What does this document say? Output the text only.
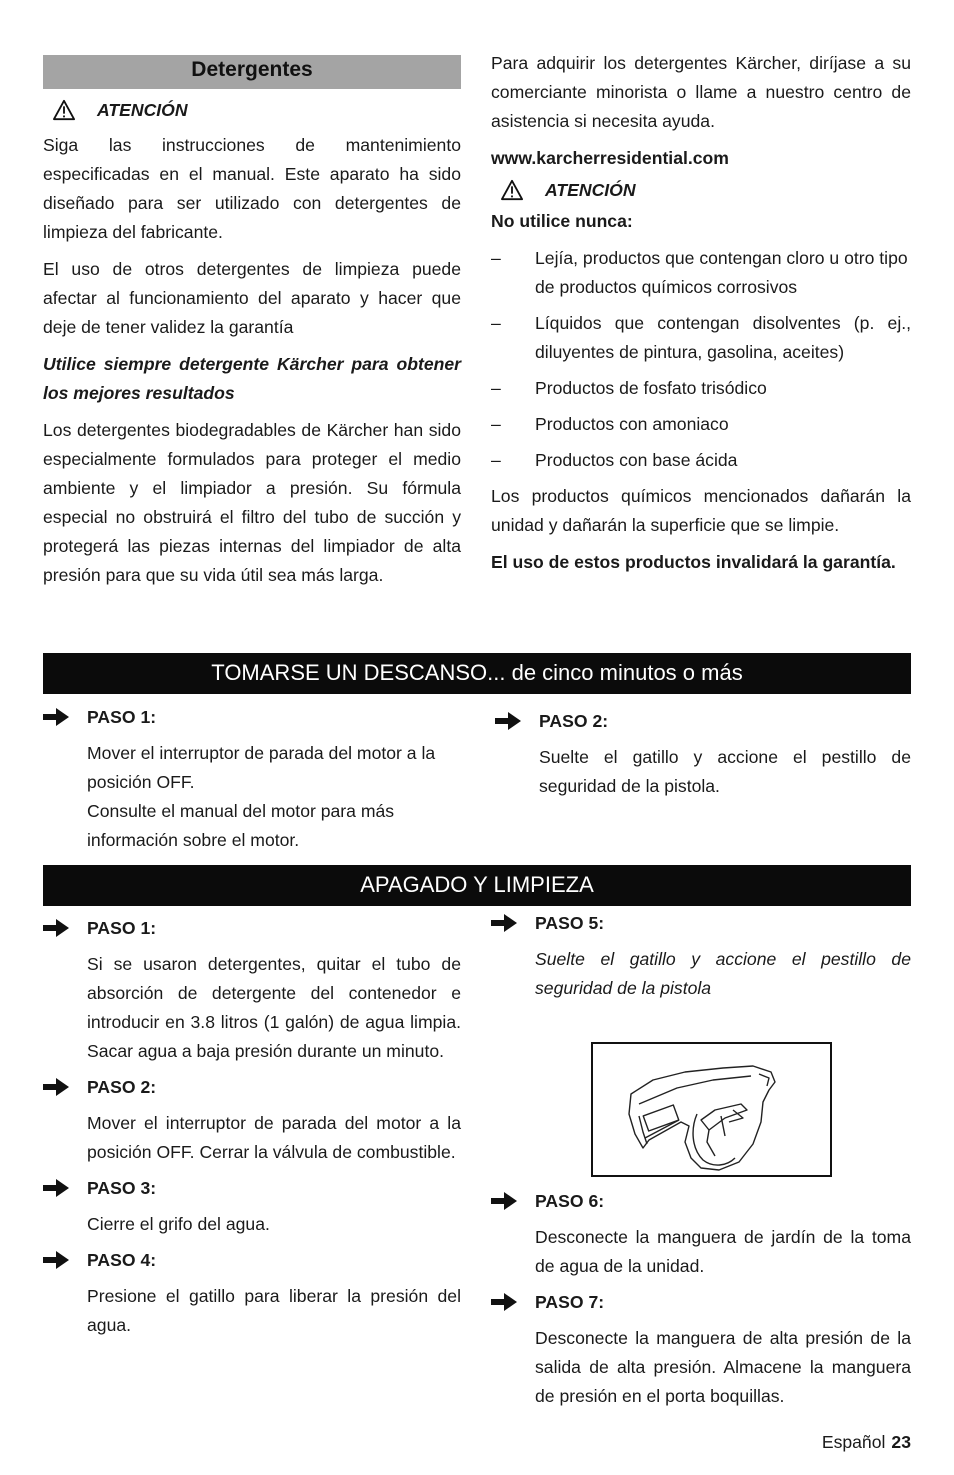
Detergentes
ATENCIÓN

Siga las instrucciones de mantenimiento especificadas en el manual. Este aparato ha sido diseñado para ser utilizado con detergentes de limpieza del fabricante.

El uso de otros detergentes de limpieza puede afectar al funcionamiento del aparato y hacer que deje de tener validez la garantía

Utilice siempre detergente Kärcher para obtener los mejores resultados

Los detergentes biodegradables de Kärcher han sido especialmente formulados para proteger el medio ambiente y el limpiador a presión. Su fórmula especial no obstruirá el filtro del tubo de succión y protegerá las piezas internas del limpiador de alta presión para que su vida útil sea más larga.

Para adquirir los detergentes Kärcher, diríjase a su comerciante minorista o llame a nuestro centro de asistencia si necesita ayuda.

www.karcherresidential.com

ATENCIÓN

No utilice nunca:

–	Lejía, productos que contengan cloro u otro tipo de productos químicos corrosivos
–	Líquidos que contengan disolventes (p. ej., diluyentes de pintura, gasolina, aceites)
–	Productos de fosfato trisódico
–	Productos con amoniaco
–	Productos con base ácida

Los productos químicos mencionados dañarán la unidad y dañarán la superficie que se limpie.

El uso de estos productos invalidará la garantía.

TOMARSE UN DESCANSO... de cinco minutos o más
PASO 1:
Mover el interruptor de parada del motor a la posición OFF.
Consulte el manual del motor para más información sobre el motor.
PASO 2:
Suelte el gatillo y accione el pestillo de seguridad de la pistola.
APAGADO Y LIMPIEZA
PASO 1:
Si se usaron detergentes, quitar el tubo de absorción de detergente del contenedor e introducir en 3.8 litros (1 galón) de agua limpia. Sacar agua a baja presión durante un minuto.
PASO 2:
Mover el interruptor de parada del motor a la posición OFF. Cerrar la válvula de combustible.
PASO 3:
Cierre el grifo del agua.
PASO 4:
Presione el gatillo para liberar la presión del agua.
PASO 5:
Suelte el gatillo y accione el pestillo de seguridad de la pistola
PASO 6:
Desconecte la manguera de jardín de la toma de agua de la unidad.
PASO 7:
Desconecte la manguera de alta presión de la salida de alta presión. Almacene la manguera de presión en el porta boquillas.
Español 23
